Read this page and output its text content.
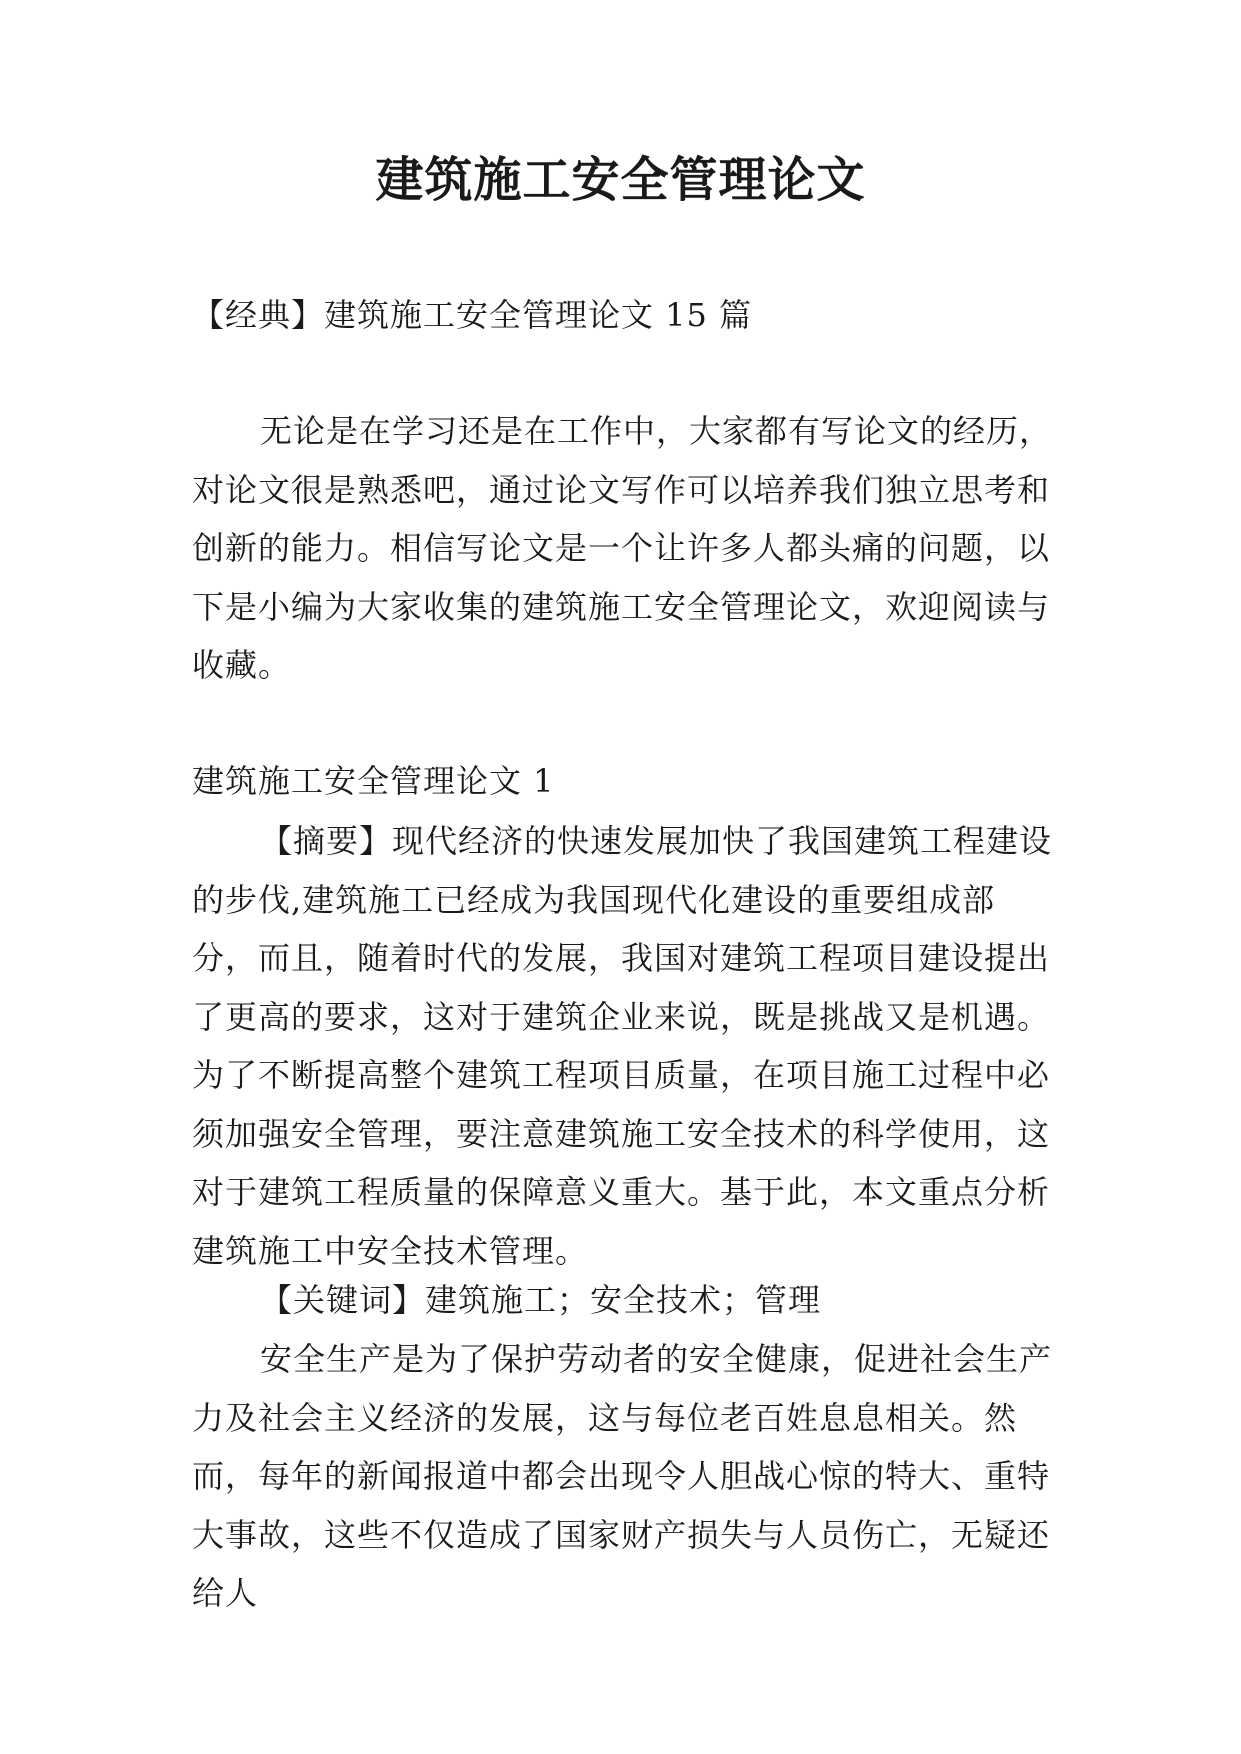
建筑施工安全管理论文
【经典】建筑施工安全管理论文 15 篇
无论是在学习还是在工作中，大家都有写论文的经历，对论文很是熟悉吧，通过论文写作可以培养我们独立思考和创新的能力。相信写论文是一个让许多人都头痛的问题，以下是小编为大家收集的建筑施工安全管理论文，欢迎阅读与收藏。
建筑施工安全管理论文 1
【摘要】现代经济的快速发展加快了我国建筑工程建设的步伐,建筑施工已经成为我国现代化建设的重要组成部分，而且，随着时代的发展，我国对建筑工程项目建设提出了更高的要求，这对于建筑企业来说，既是挑战又是机遇。为了不断提高整个建筑工程项目质量，在项目施工过程中必须加强安全管理，要注意建筑施工安全技术的科学使用，这对于建筑工程质量的保障意义重大。基于此，本文重点分析建筑施工中安全技术管理。
【关键词】建筑施工；安全技术；管理
安全生产是为了保护劳动者的安全健康，促进社会生产力及社会主义经济的发展，这与每位老百姓息息相关。然而，每年的新闻报道中都会出现令人胆战心惊的特大、重特大事故，这些不仅造成了国家财产损失与人员伤亡，无疑还给人
